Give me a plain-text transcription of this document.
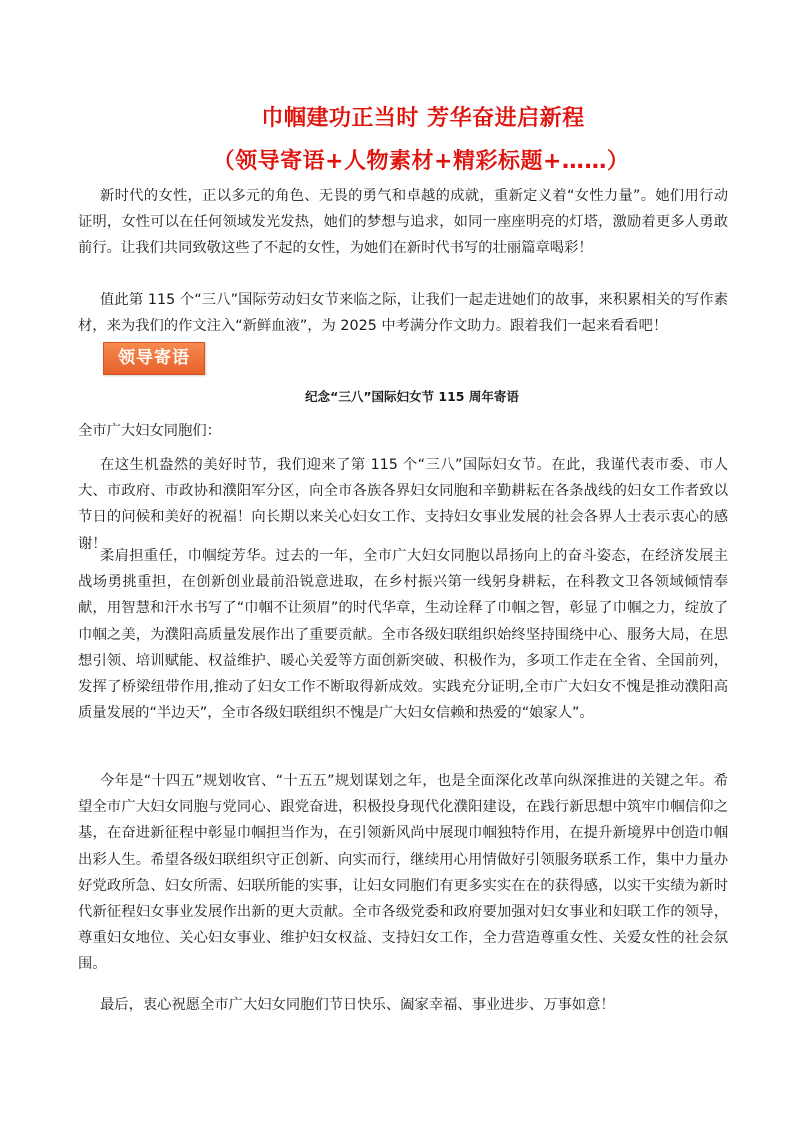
巾帼建功正当时 芳华奋进启新程
（领导寄语+人物素材+精彩标题+……）

新时代的女性，正以多元的角色、无畏的勇气和卓越的成就，重新定义着“女性力量”。她们用行动证明，女性可以在任何领域发光发热，她们的梦想与追求，如同一座座明亮的灯塔，激励着更多人勇敢前行。让我们共同致敬这些了不起的女性，为她们在新时代书写的壮丽篇章喝彩！

值此第 115 个“三八”国际劳动妇女节来临之际，让我们一起走进她们的故事，来积累相关的写作素材，来为我们的作文注入“新鲜血液”，为 2025 中考满分作文助力。跟着我们一起来看看吧！

领导寄语
纪念“三八”国际妇女节 115 周年寄语

全市广大妇女同胞们：

在这生机盎然的美好时节，我们迎来了第 115 个“三八”国际妇女节。在此，我谨代表市委、市人大、市政府、市政协和濮阳军分区，向全市各族各界妇女同胞和辛勤耕耘在各条战线的妇女工作者致以节日的问候和美好的祝福！向长期以来关心妇女工作、支持妇女事业发展的社会各界人士表示衷心的感谢！

柔肩担重任，巾帼绽芳华。过去的一年，全市广大妇女同胞以昂扬向上的奋斗姿态，在经济发展主战场勇挑重担，在创新创业最前沿锐意进取，在乡村振兴第一线躬身耕耘，在科教文卫各领域倾情奉献，用智慧和汗水书写了“巾帼不让须眉”的时代华章，生动诠释了巾帼之智，彰显了巾帼之力，绽放了巾帼之美，为濮阳高质量发展作出了重要贡献。全市各级妇联组织始终坚持围绕中心、服务大局，在思想引领、培训赋能、权益维护、暖心关爱等方面创新突破、积极作为，多项工作走在全省、全国前列，发挥了桥梁纽带作用,推动了妇女工作不断取得新成效。实践充分证明,全市广大妇女不愧是推动濮阳高质量发展的“半边天”，全市各级妇联组织不愧是广大妇女信赖和热爱的“娘家人”。

今年是“十四五”规划收官、“十五五”规划谋划之年，也是全面深化改革向纵深推进的关键之年。希望全市广大妇女同胞与党同心、跟党奋进，积极投身现代化濮阳建设，在践行新思想中筑牢巾帼信仰之基，在奋进新征程中彰显巾帼担当作为，在引领新风尚中展现巾帼独特作用，在提升新境界中创造巾帼出彩人生。希望各级妇联组织守正创新、向实而行，继续用心用情做好引领服务联系工作，集中力量办好党政所急、妇女所需、妇联所能的实事，让妇女同胞们有更多实实在在的获得感，以实干实绩为新时代新征程妇女事业发展作出新的更大贡献。全市各级党委和政府要加强对妇女事业和妇联工作的领导，尊重妇女地位、关心妇女事业、维护妇女权益、支持妇女工作，全力营造尊重女性、关爱女性的社会氛围。

最后，衷心祝愿全市广大妇女同胞们节日快乐、阖家幸福、事业进步、万事如意！
